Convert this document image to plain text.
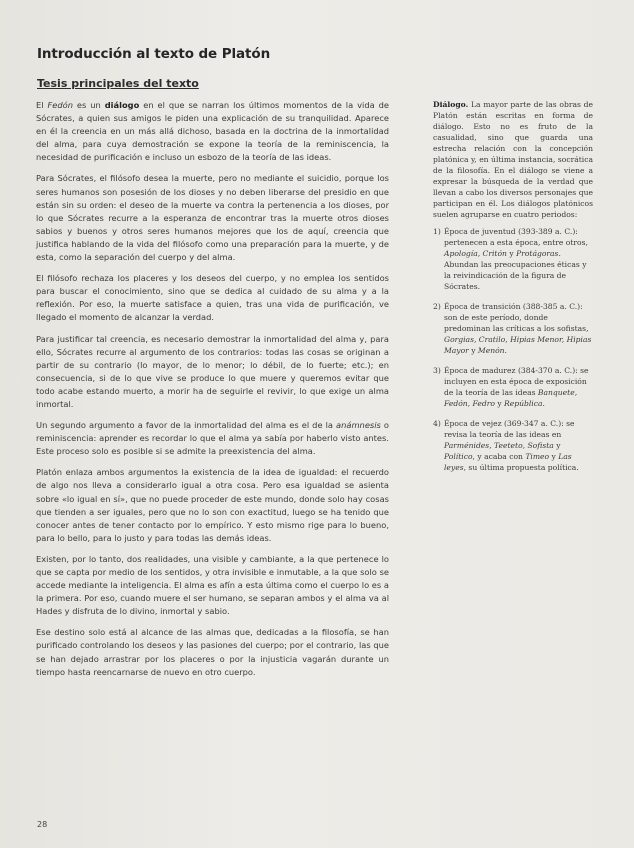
Introducción al texto de Platón
Tesis principales del texto

El Fedón es un diálogo en el que se narran los últimos momentos de la vida de Sócrates, a quien sus amigos le piden una explicación de su tranquilidad. Aparece en él la creencia en un más allá dichoso, basada en la doctrina de la inmortalidad del alma, para cuya demostración se expone la teoría de la reminiscencia, la necesidad de purificación e incluso un esbozo de la teoría de las ideas.

Para Sócrates, el filósofo desea la muerte, pero no mediante el suicidio, porque los seres humanos son posesión de los dioses y no deben liberarse del presidio en que están sin su orden: el deseo de la muerte va contra la pertenencia a los dioses, por lo que Sócrates recurre a la esperanza de encontrar tras la muerte otros dioses sabios y buenos y otros seres humanos mejores que los de aquí, creencia que justifica hablando de la vida del filósofo como una preparación para la muerte, y de esta, como la separación del cuerpo y del alma.

El filósofo rechaza los placeres y los deseos del cuerpo, y no emplea los sentidos para buscar el conocimiento, sino que se dedica al cuidado de su alma y a la reflexión. Por eso, la muerte satisface a quien, tras una vida de purificación, ve llegado el momento de alcanzar la verdad.

Para justificar tal creencia, es necesario demostrar la inmortalidad del alma y, para ello, Sócrates recurre al argumento de los contrarios: todas las cosas se originan a partir de su contrario (lo mayor, de lo menor; lo débil, de lo fuerte; etc.); en consecuencia, si de lo que vive se produce lo que muere y queremos evitar que todo acabe estando muerto, a morir ha de seguirle el revivir, lo que exige un alma inmortal.

Un segundo argumento a favor de la inmortalidad del alma es el de la anámnesis o reminiscencia: aprender es recordar lo que el alma ya sabía por haberlo visto antes. Este proceso solo es posible si se admite la preexistencia del alma.

Platón enlaza ambos argumentos la existencia de la idea de igualdad: el recuerdo de algo nos lleva a considerarlo igual a otra cosa. Pero esa igualdad se asienta sobre «lo igual en sí», que no puede proceder de este mundo, donde solo hay cosas que tienden a ser iguales, pero que no lo son con exactitud, luego se ha tenido que conocer antes de tener contacto por lo empírico. Y esto mismo rige para lo bueno, para lo bello, para lo justo y para todas las demás ideas.

Existen, por lo tanto, dos realidades, una visible y cambiante, a la que pertenece lo que se capta por medio de los sentidos, y otra invisible e inmutable, a la que solo se accede mediante la inteligencia. El alma es afín a esta última como el cuerpo lo es a la primera. Por eso, cuando muere el ser humano, se separan ambos y el alma va al Hades y disfruta de lo divino, inmortal y sabio.

Ese destino solo está al alcance de las almas que, dedicadas a la filosofía, se han purificado controlando los deseos y las pasiones del cuerpo; por el contrario, las que se han dejado arrastrar por los placeres o por la injusticia vagarán durante un tiempo hasta reencarnarse de nuevo en otro cuerpo.

Diálogo. La mayor parte de las obras de Platón están escritas en forma de diálogo. Esto no es fruto de la casualidad, sino que guarda una estrecha relación con la concepción platónica y, en última instancia, socrática de la filosofía. En el diálogo se viene a expresar la búsqueda de la verdad que llevan a cabo los diversos personajes que participan en él. Los diálogos platónicos suelen agruparse en cuatro periodos:

1) Época de juventud (393-389 a. C.): pertenecen a esta época, entre otros, Apología, Critón y Protágoras. Abundan las preocupaciones éticas y la reivindicación de la figura de Sócrates.
2) Época de transición (388-385 a. C.): son de este período, donde predominan las críticas a los sofistas, Gorgias, Cratilo, Hipias Menor, Hipias Mayor y Menón.
3) Época de madurez (384-370 a. C.): se incluyen en esta época de exposición de la teoría de las ideas Banquete, Fedón, Fedro y República.
4) Época de vejez (369-347 a. C.): se revisa la teoría de las ideas en Parménides, Teeteto, Sofista y Político, y acaba con Timeo y Las leyes, su última propuesta política.
28
